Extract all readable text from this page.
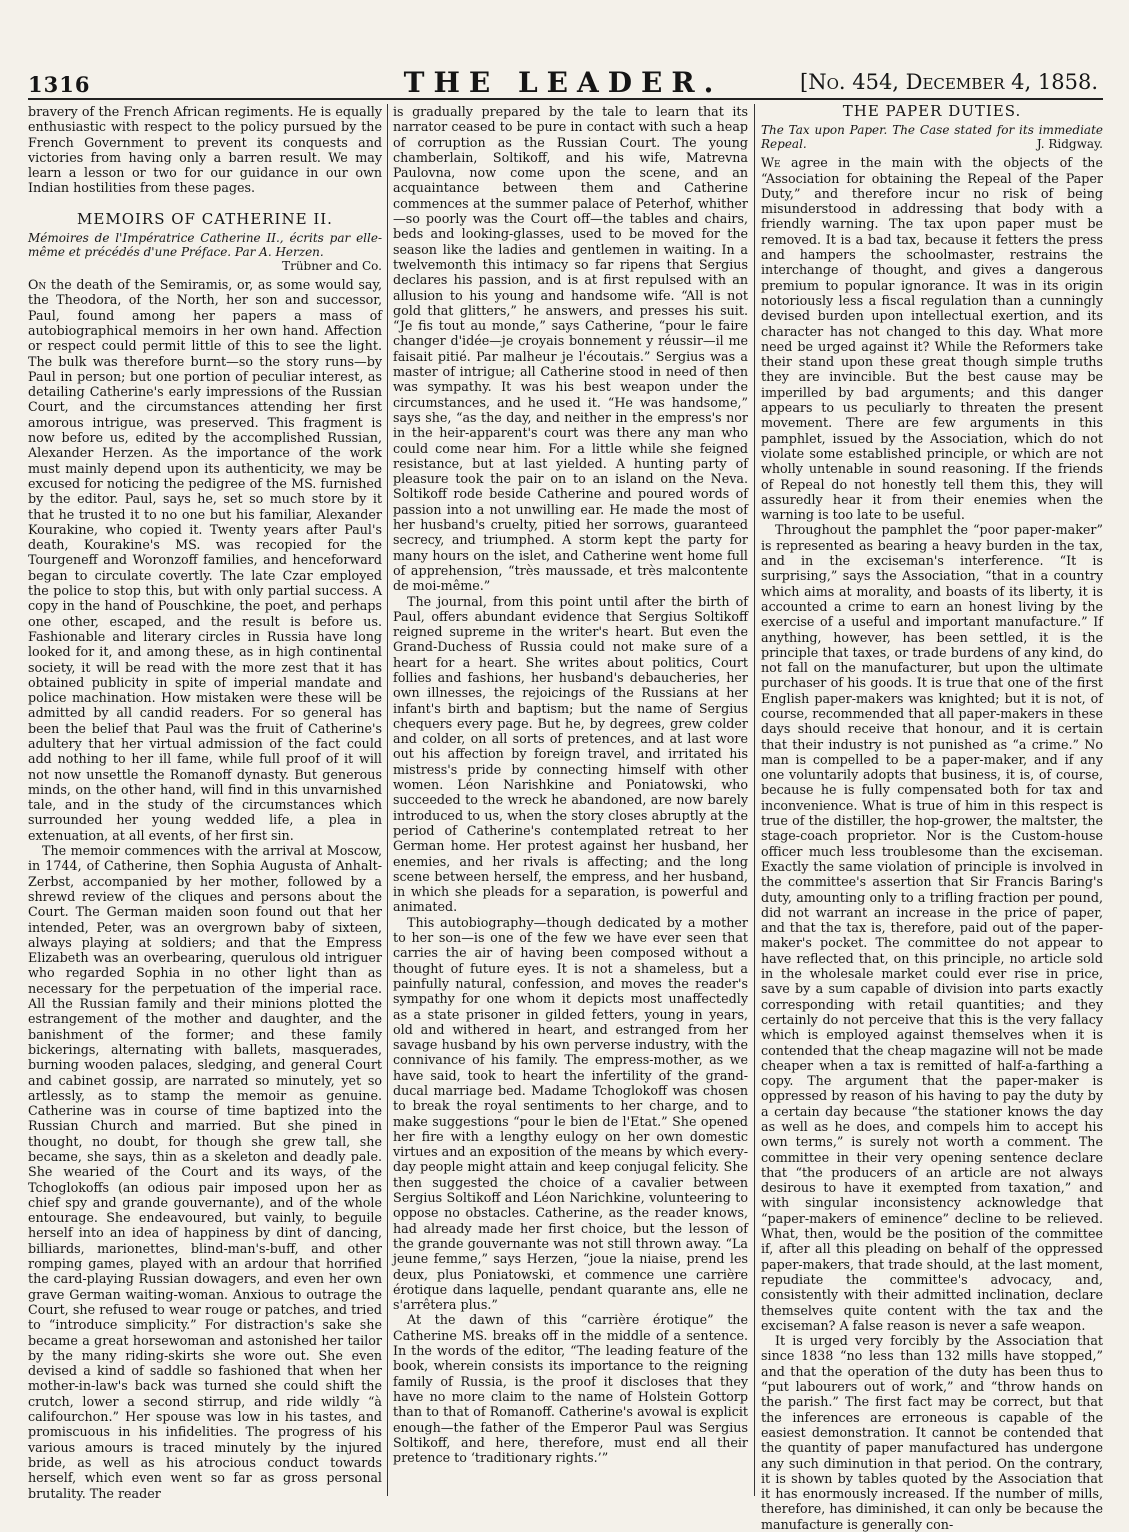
1316	THE LEADER.	[No. 454, December 4, 1858.

bravery of the French African regiments. He is equally enthusiastic with respect to the policy pursued by the French Government to prevent its conquests and victories from having only a barren result. We may learn a lesson or two for our guidance in our own Indian hostilities from these pages.

MEMOIRS OF CATHERINE II.
Mémoires de l'Impératrice Catherine II., écrits par elle-même et précédés d'une Préface. Par A. Herzen.

Trübner and Co.

On the death of the Semiramis, or, as some would say, the Theodora, of the North, her son and successor, Paul, found among her papers a mass of autobiographical memoirs in her own hand. Affection or respect could permit little of this to see the light. The bulk was therefore burnt—so the story runs—by Paul in person; but one portion of peculiar interest, as detailing Catherine's early impressions of the Russian Court, and the circumstances attending her first amorous intrigue, was preserved. This fragment is now before us, edited by the accomplished Russian, Alexander Herzen. As the importance of the work must mainly depend upon its authenticity, we may be excused for noticing the pedigree of the MS. furnished by the editor. Paul, says he, set so much store by it that he trusted it to no one but his familiar, Alexander Kourakine, who copied it. Twenty years after Paul's death, Kourakine's MS. was recopied for the Tourgeneff and Woronzoff families, and henceforward began to circulate covertly. The late Czar employed the police to stop this, but with only partial success. A copy in the hand of Pouschkine, the poet, and perhaps one other, escaped, and the result is before us. Fashionable and literary circles in Russia have long looked for it, and among these, as in high continental society, it will be read with the more zest that it has obtained publicity in spite of imperial mandate and police machination. How mistaken were these will be admitted by all candid readers. For so general has been the belief that Paul was the fruit of Catherine's adultery that her virtual admission of the fact could add nothing to her ill fame, while full proof of it will not now unsettle the Romanoff dynasty. But generous minds, on the other hand, will find in this unvarnished tale, and in the study of the circumstances which surrounded her young wedded life, a plea in extenuation, at all events, of her first sin.

The memoir commences with the arrival at Moscow, in 1744, of Catherine, then Sophia Augusta of Anhalt-Zerbst, accompanied by her mother, followed by a shrewd review of the cliques and persons about the Court. The German maiden soon found out that her intended, Peter, was an overgrown baby of sixteen, always playing at soldiers; and that the Empress Elizabeth was an overbearing, querulous old intriguer who regarded Sophia in no other light than as necessary for the perpetuation of the imperial race. All the Russian family and their minions plotted the estrangement of the mother and daughter, and the banishment of the former; and these family bickerings, alternating with ballets, masquerades, burning wooden palaces, sledging, and general Court and cabinet gossip, are narrated so minutely, yet so artlessly, as to stamp the memoir as genuine. Catherine was in course of time baptized into the Russian Church and married. But she pined in thought, no doubt, for though she grew tall, she became, she says, thin as a skeleton and deadly pale. She wearied of the Court and its ways, of the Tchoglokoffs (an odious pair imposed upon her as chief spy and grande gouvernante), and of the whole entourage. She endeavoured, but vainly, to beguile herself into an idea of happiness by dint of dancing, billiards, marionettes, blind-man's-buff, and other romping games, played with an ardour that horrified the card-playing Russian dowagers, and even her own grave German waiting-woman. Anxious to outrage the Court, she refused to wear rouge or patches, and tried to “introduce simplicity.” For distraction's sake she became a great horsewoman and astonished her tailor by the many riding-skirts she wore out. She even devised a kind of saddle so fashioned that when her mother-in-law's back was turned she could shift the crutch, lower a second stirrup, and ride wildly “à califourchon.” Her spouse was low in his tastes, and promiscuous in his infidelities. The progress of his various amours is traced minutely by the injured bride, as well as his atrocious conduct towards herself, which even went so far as gross personal brutality. The reader

is gradually prepared by the tale to learn that its narrator ceased to be pure in contact with such a heap of corruption as the Russian Court. The young chamberlain, Soltikoff, and his wife, Matrevna Paulovna, now come upon the scene, and an acquaintance between them and Catherine commences at the summer palace of Peterhof, whither—so poorly was the Court off—the tables and chairs, beds and looking-glasses, used to be moved for the season like the ladies and gentlemen in waiting. In a twelvemonth this intimacy so far ripens that Sergius declares his passion, and is at first repulsed with an allusion to his young and handsome wife. “All is not gold that glitters,” he answers, and presses his suit. “Je fis tout au monde,” says Catherine, “pour le faire changer d'idée—je croyais bonnement y réussir—il me faisait pitié. Par malheur je l'écoutais.” Sergius was a master of intrigue; all Catherine stood in need of then was sympathy. It was his best weapon under the circumstances, and he used it. “He was handsome,” says she, “as the day, and neither in the empress's nor in the heir-apparent's court was there any man who could come near him. For a little while she feigned resistance, but at last yielded. A hunting party of pleasure took the pair on to an island on the Neva. Soltikoff rode beside Catherine and poured words of passion into a not unwilling ear. He made the most of her husband's cruelty, pitied her sorrows, guaranteed secrecy, and triumphed. A storm kept the party for many hours on the islet, and Catherine went home full of apprehension, “très maussade, et très malcontente de moi-même.”

The journal, from this point until after the birth of Paul, offers abundant evidence that Sergius Soltikoff reigned supreme in the writer's heart. But even the Grand-Duchess of Russia could not make sure of a heart for a heart. She writes about politics, Court follies and fashions, her husband's debaucheries, her own illnesses, the rejoicings of the Russians at her infant's birth and baptism; but the name of Sergius chequers every page. But he, by degrees, grew colder and colder, on all sorts of pretences, and at last wore out his affection by foreign travel, and irritated his mistress's pride by connecting himself with other women. Léon Narishkine and Poniatowski, who succeeded to the wreck he abandoned, are now barely introduced to us, when the story closes abruptly at the period of Catherine's contemplated retreat to her German home. Her protest against her husband, her enemies, and her rivals is affecting; and the long scene between herself, the empress, and her husband, in which she pleads for a separation, is powerful and animated.

This autobiography—though dedicated by a mother to her son—is one of the few we have ever seen that carries the air of having been composed without a thought of future eyes. It is not a shameless, but a painfully natural, confession, and moves the reader's sympathy for one whom it depicts most unaffectedly as a state prisoner in gilded fetters, young in years, old and withered in heart, and estranged from her savage husband by his own perverse industry, with the connivance of his family. The empress-mother, as we have said, took to heart the infertility of the grand-ducal marriage bed. Madame Tchoglokoff was chosen to break the royal sentiments to her charge, and to make suggestions “pour le bien de l'Etat.” She opened her fire with a lengthy eulogy on her own domestic virtues and an exposition of the means by which every-day people might attain and keep conjugal felicity. She then suggested the choice of a cavalier between Sergius Soltikoff and Léon Narichkine, volunteering to oppose no obstacles. Catherine, as the reader knows, had already made her first choice, but the lesson of the grande gouvernante was not still thrown away. “La jeune femme,” says Herzen, “joue la niaise, prend les deux, plus Poniatowski, et commence une carrière érotique dans laquelle, pendant quarante ans, elle ne s'arrêtera plus.”

At the dawn of this “carrière érotique” the Catherine MS. breaks off in the middle of a sentence. In the words of the editor, “The leading feature of the book, wherein consists its importance to the reigning family of Russia, is the proof it discloses that they have no more claim to the name of Holstein Gottorp than to that of Romanoff. Catherine's avowal is explicit enough—the father of the Emperor Paul was Sergius Soltikoff, and here, therefore, must end all their pretence to ‘traditionary rights.’”

THE PAPER DUTIES.
The Tax upon Paper. The Case stated for its immediate Repeal.	J. Ridgway.

We agree in the main with the objects of the “Association for obtaining the Repeal of the Paper Duty,” and therefore incur no risk of being misunderstood in addressing that body with a friendly warning. The tax upon paper must be removed. It is a bad tax, because it fetters the press and hampers the schoolmaster, restrains the interchange of thought, and gives a dangerous premium to popular ignorance. It was in its origin notoriously less a fiscal regulation than a cunningly devised burden upon intellectual exertion, and its character has not changed to this day. What more need be urged against it? While the Reformers take their stand upon these great though simple truths they are invincible. But the best cause may be imperilled by bad arguments; and this danger appears to us peculiarly to threaten the present movement. There are few arguments in this pamphlet, issued by the Association, which do not violate some established principle, or which are not wholly untenable in sound reasoning. If the friends of Repeal do not honestly tell them this, they will assuredly hear it from their enemies when the warning is too late to be useful.

Throughout the pamphlet the “poor paper-maker” is represented as bearing a heavy burden in the tax, and in the exciseman's interference. “It is surprising,” says the Association, “that in a country which aims at morality, and boasts of its liberty, it is accounted a crime to earn an honest living by the exercise of a useful and important manufacture.” If anything, however, has been settled, it is the principle that taxes, or trade burdens of any kind, do not fall on the manufacturer, but upon the ultimate purchaser of his goods. It is true that one of the first English paper-makers was knighted; but it is not, of course, recommended that all paper-makers in these days should receive that honour, and it is certain that their industry is not punished as “a crime.” No man is compelled to be a paper-maker, and if any one voluntarily adopts that business, it is, of course, because he is fully compensated both for tax and inconvenience. What is true of him in this respect is true of the distiller, the hop-grower, the maltster, the stage-coach proprietor. Nor is the Custom-house officer much less troublesome than the exciseman. Exactly the same violation of principle is involved in the committee's assertion that Sir Francis Baring's duty, amounting only to a trifling fraction per pound, did not warrant an increase in the price of paper, and that the tax is, therefore, paid out of the paper-maker's pocket. The committee do not appear to have reflected that, on this principle, no article sold in the wholesale market could ever rise in price, save by a sum capable of division into parts exactly corresponding with retail quantities; and they certainly do not perceive that this is the very fallacy which is employed against themselves when it is contended that the cheap magazine will not be made cheaper when a tax is remitted of half-a-farthing a copy. The argument that the paper-maker is oppressed by reason of his having to pay the duty by a certain day because “the stationer knows the day as well as he does, and compels him to accept his own terms,” is surely not worth a comment. The committee in their very opening sentence declare that “the producers of an article are not always desirous to have it exempted from taxation,” and with singular inconsistency acknowledge that “paper-makers of eminence” decline to be relieved. What, then, would be the position of the committee if, after all this pleading on behalf of the oppressed paper-makers, that trade should, at the last moment, repudiate the committee's advocacy, and, consistently with their admitted inclination, declare themselves quite content with the tax and the exciseman? A false reason is never a safe weapon.

It is urged very forcibly by the Association that since 1838 “no less than 132 mills have stopped,” and that the operation of the duty has been thus to “put labourers out of work,” and “throw hands on the parish.” The first fact may be correct, but that the inferences are erroneous is capable of the easiest demonstration. It cannot be contended that the quantity of paper manufactured has undergone any such diminution in that period. On the contrary, it is shown by tables quoted by the Association that it has enormously increased. If the number of mills, therefore, has diminished, it can only be because the manufacture is generally con-
